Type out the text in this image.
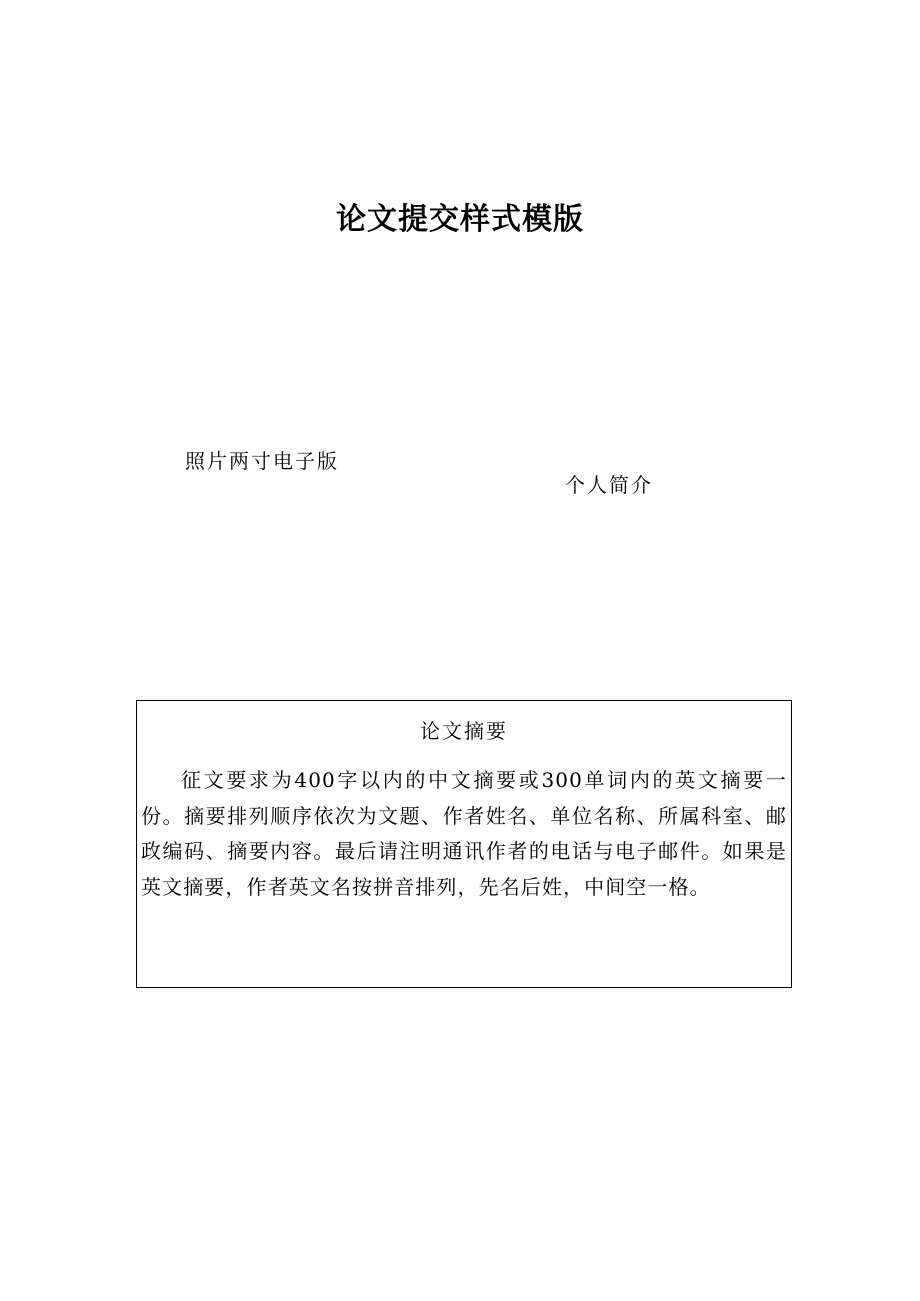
论文提交样式模版
照片两寸电子版
个人简介
论文摘要

征文要求为400字以内的中文摘要或300单词内的英文摘要一份。摘要排列顺序依次为文题、作者姓名、单位名称、所属科室、邮政编码、摘要内容。最后请注明通讯作者的电话与电子邮件。如果是英文摘要，作者英文名按拼音排列，先名后姓，中间空一格。
